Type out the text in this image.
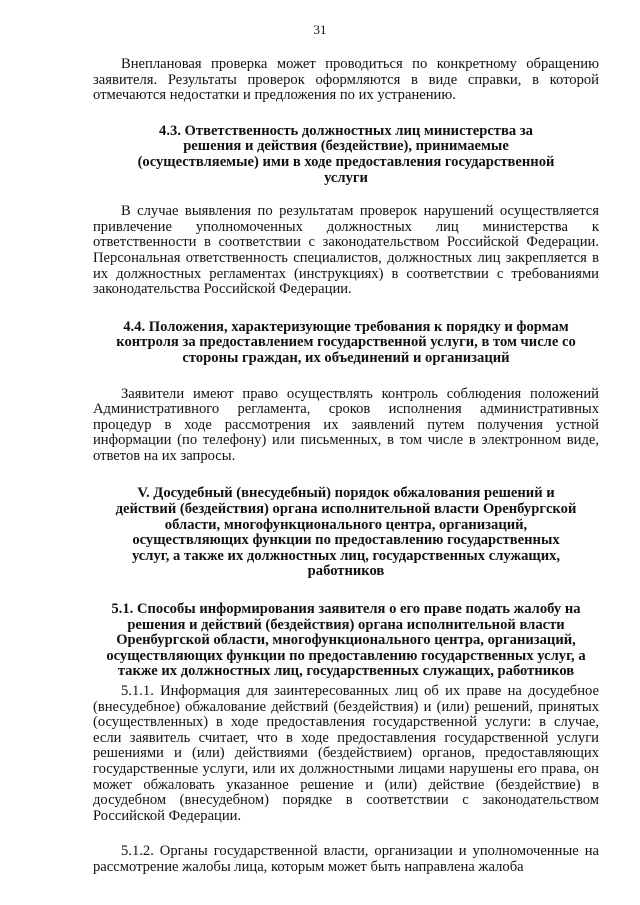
31

Внеплановая проверка может проводиться по конкретному обращению заявителя. Результаты проверок оформляются в виде справки, в которой отмечаются недостатки и предложения по их устранению.

4.3. Ответственность должностных лиц министерства за решения и действия (бездействие), принимаемые (осуществляемые) ими в ходе предоставления государственной услуги

В случае выявления по результатам проверок нарушений осуществляется привлечение уполномоченных должностных лиц министерства к ответственности в соответствии с законодательством Российской Федерации. Персональная ответственность специалистов, должностных лиц закрепляется в их должностных регламентах (инструкциях) в соответствии с требованиями законодательства Российской Федерации.

4.4. Положения, характеризующие требования к порядку и формам контроля за предоставлением государственной услуги, в том числе со стороны граждан, их объединений и организаций

Заявители имеют право осуществлять контроль соблюдения положений Административного регламента, сроков исполнения административных процедур в ходе рассмотрения их заявлений путем получения устной информации (по телефону) или письменных, в том числе в электронном виде, ответов на их запросы.

V. Досудебный (внесудебный) порядок обжалования решений и действий (бездействия) органа исполнительной власти Оренбургской области, многофункционального центра, организаций, осуществляющих функции по предоставлению государственных услуг, а также их должностных лиц, государственных служащих, работников
5.1. Способы информирования заявителя о его праве подать жалобу на решения и действий (бездействия) органа исполнительной власти Оренбургской области, многофункционального центра, организаций, осуществляющих функции по предоставлению государственных услуг, а также их должностных лиц, государственных служащих, работников

5.1.1. Информация для заинтересованных лиц об их праве на досудебное (внесудебное) обжалование действий (бездействия) и (или) решений, принятых (осуществленных) в ходе предоставления государственной услуги: в случае, если заявитель считает, что в ходе предоставления государственной услуги решениями и (или) действиями (бездействием) органов, предоставляющих государственные услуги, или их должностными лицами нарушены его права, он может обжаловать указанное решение и (или) действие (бездействие) в досудебном (внесудебном) порядке в соответствии с законодательством Российской Федерации.

5.1.2. Органы государственной власти, организации и уполномоченные на рассмотрение жалобы лица, которым может быть направлена жалоба
